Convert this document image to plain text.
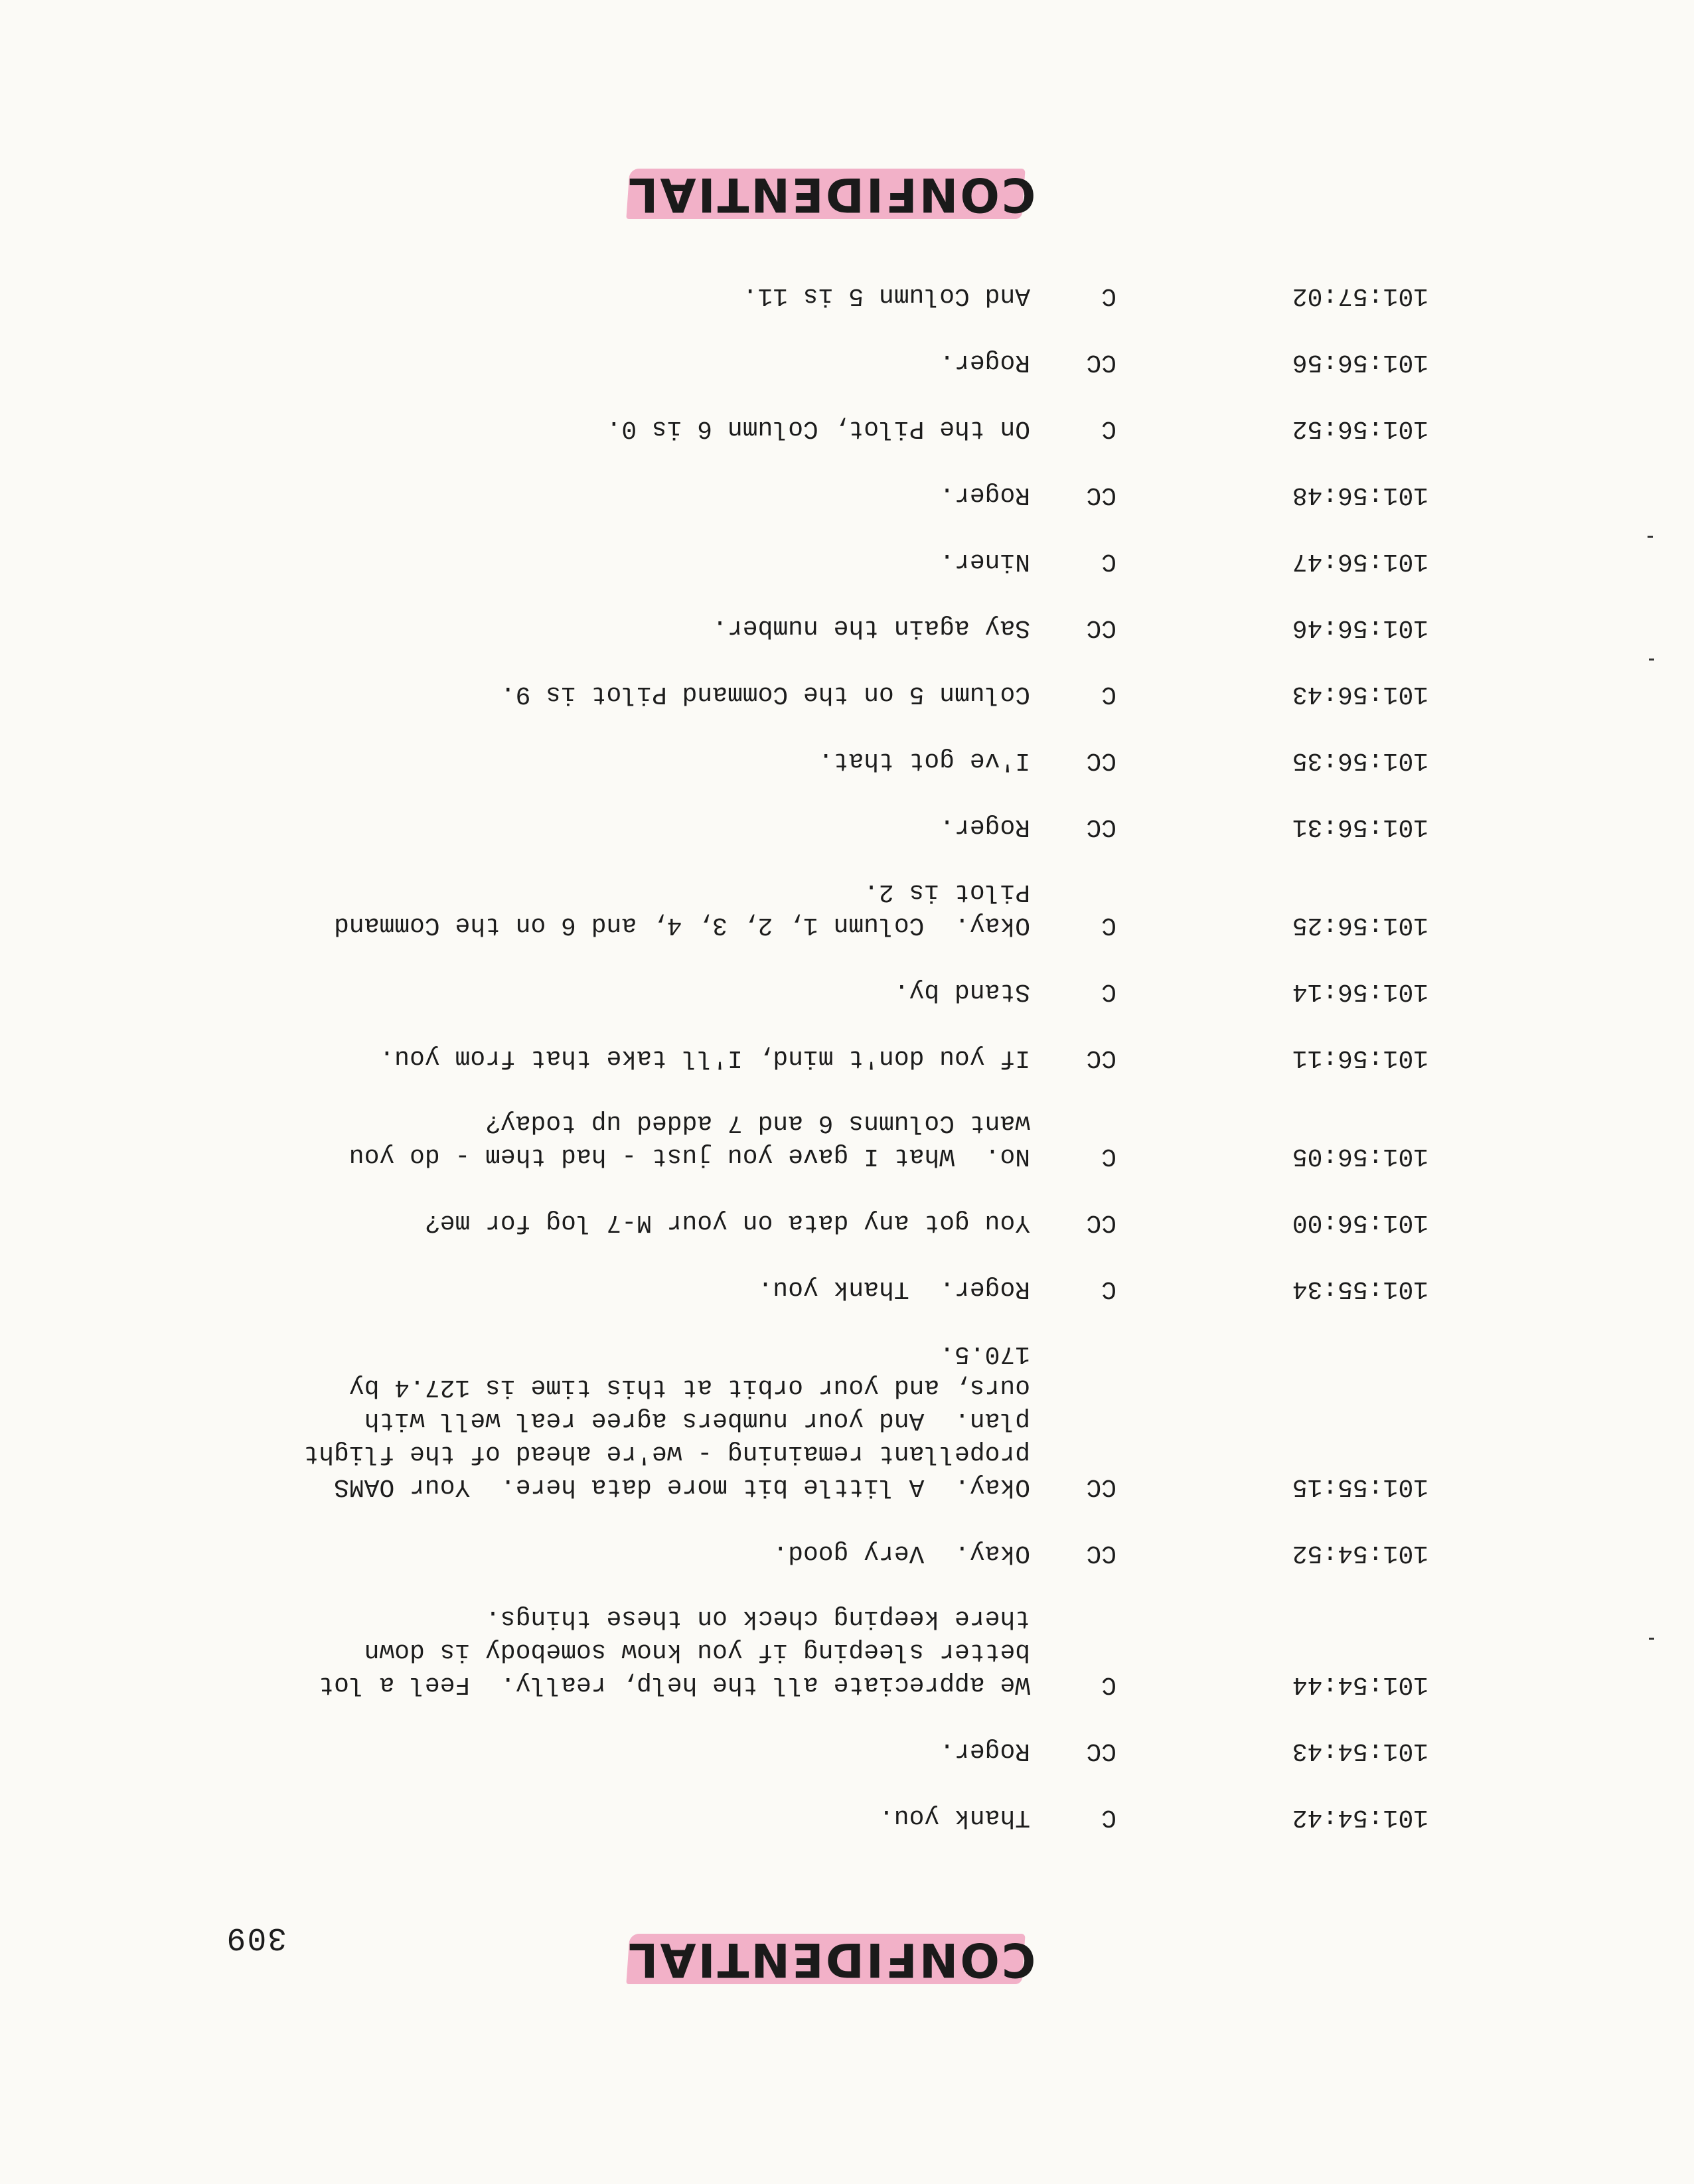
309	CONFIDENTIAL
101:54:42
C
Thank you.
101:54:43
CC
Roger.
101:54:44
C
We appreciate all the help, really.  Feel a lot
better sleeping if you know somebody is down
there keeping check on these things.
101:54:52
CC
Okay.  Very good.
101:55:15
CC
Okay.  A little bit more data here.  Your OAMS
propellant remaining - we're ahead of the flight
plan.  And your numbers agree real well with
ours, and your orbit at this time is 127.4 by
170.5.
101:55:34
C
Roger.  Thank you.
101:56:00
CC
You got any data on your M-7 log for me?
101:56:05
C
No.  What I gave you just - had them - do you
want Columns 6 and 7 added up today?
101:56:11
CC
If you don't mind, I'll take that from you.
101:56:14
C
Stand by.
101:56:25
C
Okay.  Column 1, 2, 3, 4, and 6 on the Command
Pilot is 2.
101:56:31
CC
Roger.
101:56:35
CC
I've got that.
101:56:43
C
Column 5 on the Command Pilot is 9.
101:56:46
CC
Say again the number.
101:56:47
C
Niner.
101:56:48
CC
Roger.
101:56:52
C
On the Pilot, Column 6 is 0.
101:56:56
CC
Roger.
101:57:02
C
And Column 5 is 11.
CONFIDENTIAL
